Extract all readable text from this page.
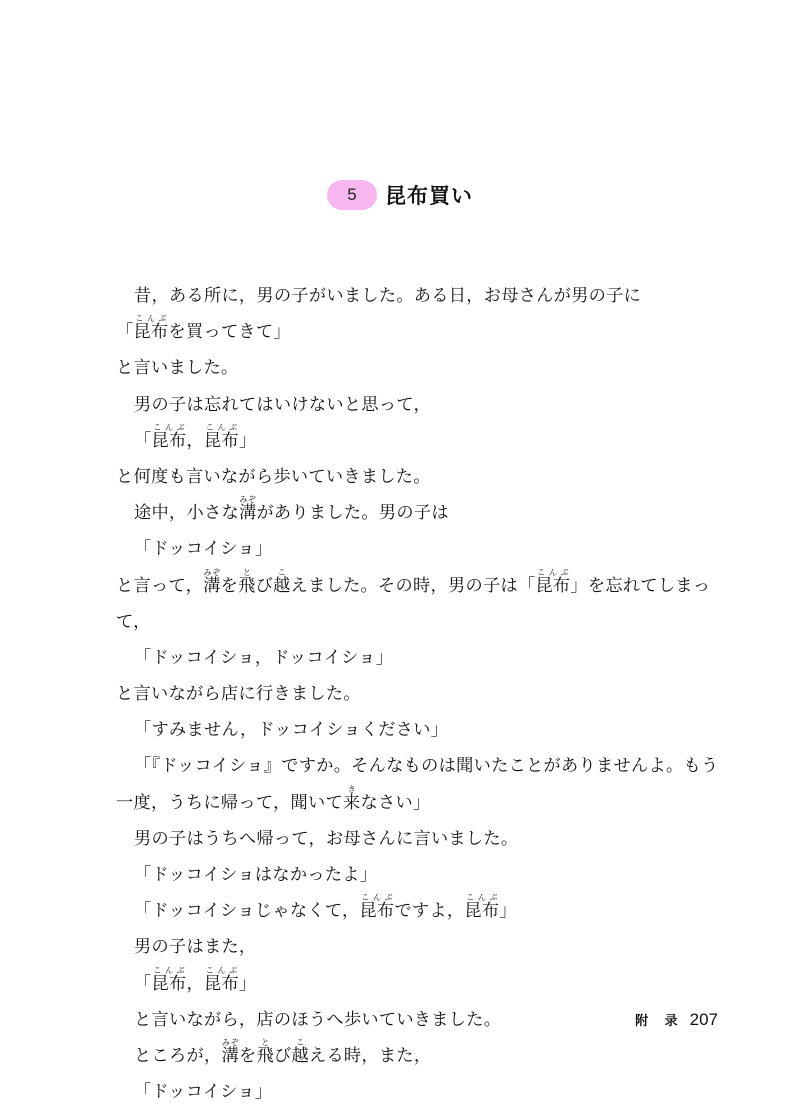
5	昆布買い
昔，ある所に，男の子がいました。ある日，お母さんが男の子に
「昆布こんぶを買ってきて」
と言いました。
男の子は忘れてはいけないと思って，
「昆布こんぶ，昆布こんぶ」
と何度も言いながら歩いていきました。
途中，小さな溝みぞがありました。男の子は
「ドッコイショ」
と言って，溝みぞを飛とび越こえました。その時，男の子は「昆布こんぶ」を忘れてしまっ
て，
「ドッコイショ，ドッコイショ」
と言いながら店に行きました。
「すみません，ドッコイショください」
「『ドッコイショ』ですか。そんなものは聞いたことがありませんよ。もう
一度，うちに帰って，聞いて来きなさい」
男の子はうちへ帰って，お母さんに言いました。
「ドッコイショはなかったよ」
「ドッコイショじゃなくて，昆布こんぶですよ，昆布こんぶ」
男の子はまた，
「昆布こんぶ，昆布こんぶ」
と言いながら，店のほうへ歩いていきました。
ところが，溝みぞを飛とび越こえる時，また，
「ドッコイショ」
附 录 207
